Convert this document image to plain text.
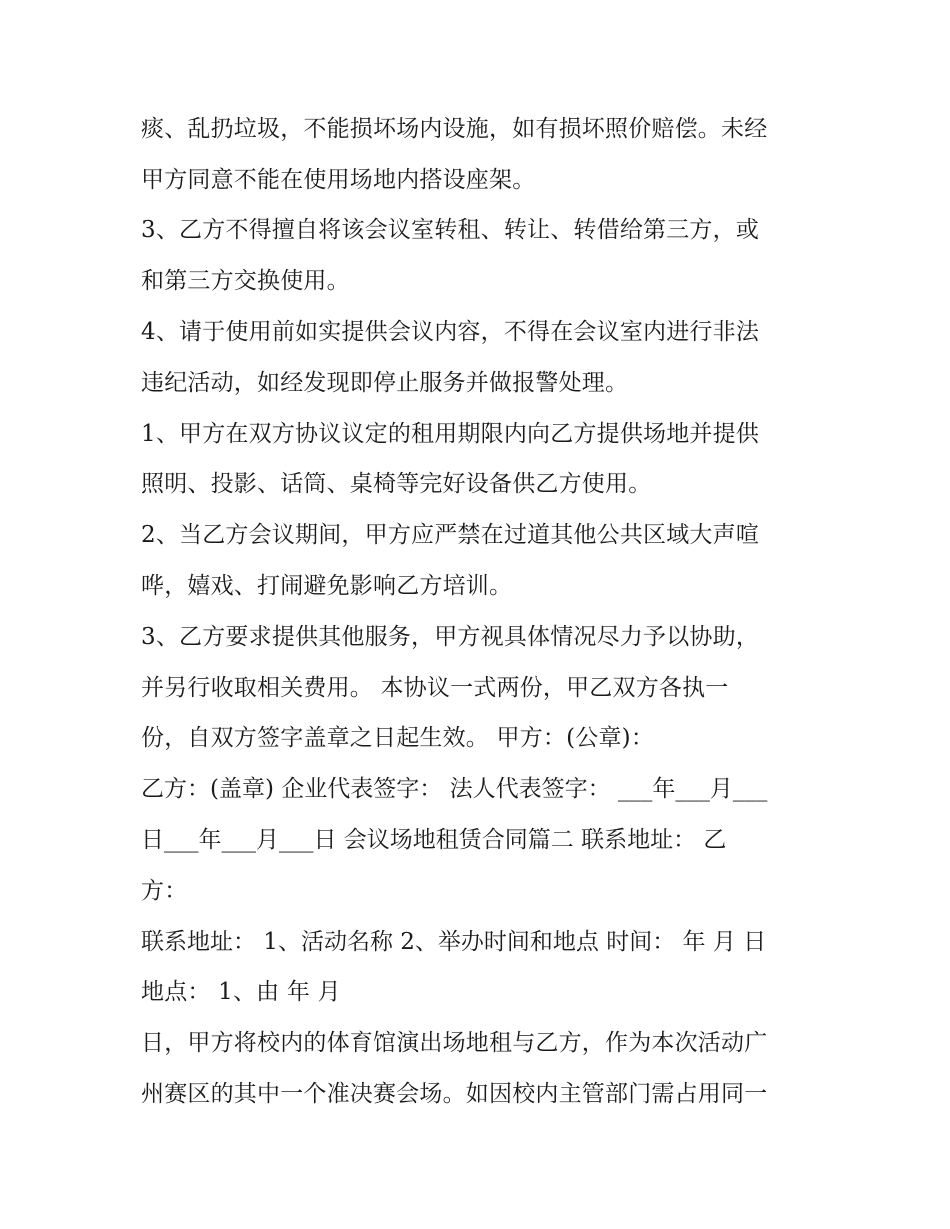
痰、乱扔垃圾，不能损坏场内设施，如有损坏照价赔偿。未经
甲方同意不能在使用场地内搭设座架。
3、乙方不得擅自将该会议室转租、转让、转借给第三方，或
和第三方交换使用。
4、请于使用前如实提供会议内容，不得在会议室内进行非法
违纪活动，如经发现即停止服务并做报警处理。
1、甲方在双方协议议定的租用期限内向乙方提供场地并提供
照明、投影、话筒、桌椅等完好设备供乙方使用。
2、当乙方会议期间，甲方应严禁在过道其他公共区域大声喧
哗，嬉戏、打闹避免影响乙方培训。
3、乙方要求提供其他服务，甲方视具体情况尽力予以协助，
并另行收取相关费用。 本协议一式两份，甲乙双方各执一
份，自双方签字盖章之日起生效。 甲方：(公章)：
乙方：(盖章) 企业代表签字： 法人代表签字： ___年___月___
日___年___月___日 会议场地租赁合同篇二 联系地址： 乙
方：
联系地址： 1、活动名称 2、举办时间和地点 时间： 年 月 日
地点： 1、由 年 月
日，甲方将校内的体育馆演出场地租与乙方，作为本次活动广
州赛区的其中一个准决赛会场。如因校内主管部门需占用同一
